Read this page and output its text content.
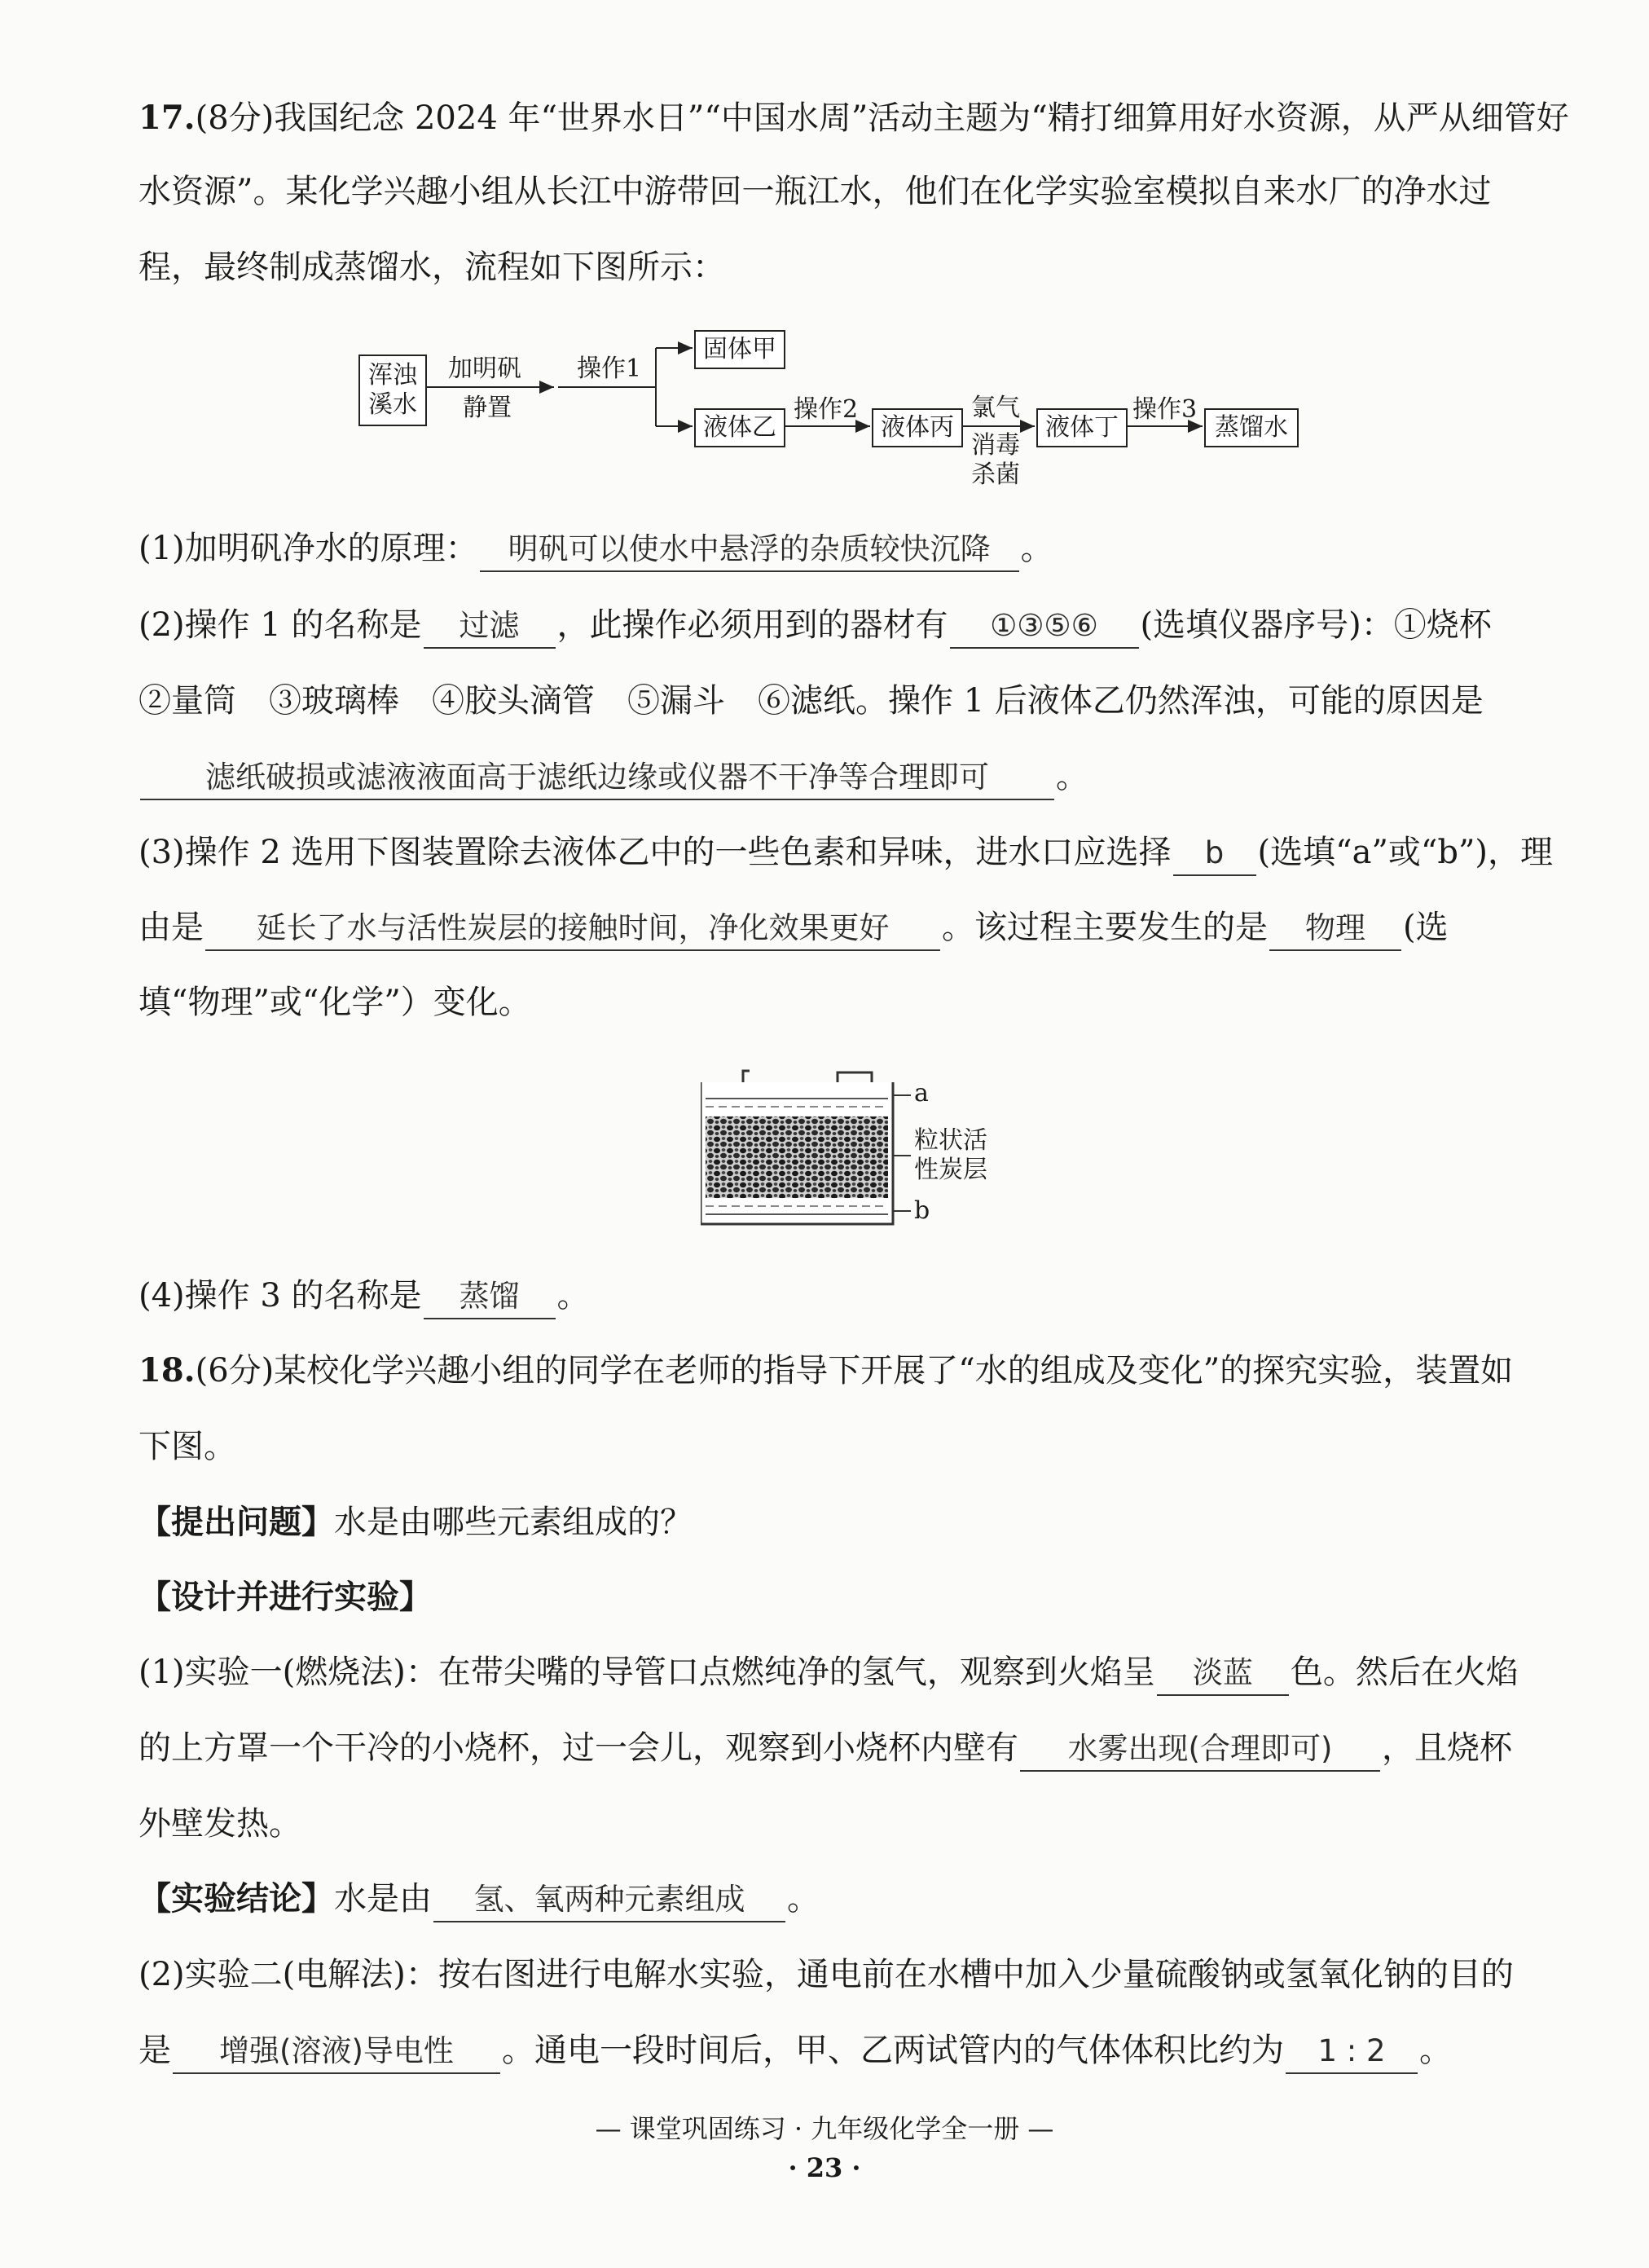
17.(8分)我国纪念 2024 年“世界水日”“中国水周”活动主题为“精打细算用好水资源，从严从细管好
水资源”。某化学兴趣小组从长江中游带回一瓶江水，他们在化学实验室模拟自来水厂的净水过
程，最终制成蒸馏水，流程如下图所示：
浑浊
溪水
加明矾
静置
操作1
固体甲
液体乙
操作2
液体丙
氯气
消毒
杀菌
液体丁
操作3
蒸馏水
(1)加明矾净水的原理： 明矾可以使水中悬浮的杂质较快沉降 。
(2)操作 1 的名称是 过滤 ，此操作必须用到的器材有 ①③⑤⑥ (选填仪器序号)：①烧杯
②量筒　③玻璃棒　④胶头滴管　⑤漏斗　⑥滤纸。操作 1 后液体乙仍然浑浊，可能的原因是
滤纸破损或滤液液面高于滤纸边缘或仪器不干净等合理即可 。
(3)操作 2 选用下图装置除去液体乙中的一些色素和异味，进水口应选择 b (选填“a”或“b”)，理
由是 延长了水与活性炭层的接触时间，净化效果更好 。该过程主要发生的是 物理 (选
填“物理”或“化学”）变化。
a
粒状活
性炭层
b
(4)操作 3 的名称是 蒸馏 。
18.(6分)某校化学兴趣小组的同学在老师的指导下开展了“水的组成及变化”的探究实验，装置如
下图。
【提出问题】水是由哪些元素组成的？
【设计并进行实验】
(1)实验一(燃烧法)：在带尖嘴的导管口点燃纯净的氢气，观察到火焰呈 淡蓝 色。然后在火焰
的上方罩一个干冷的小烧杯，过一会儿，观察到小烧杯内壁有 水雾出现(合理即可) ，且烧杯
外壁发热。
【实验结论】水是由 氢、氧两种元素组成 。
(2)实验二(电解法)：按右图进行电解水实验，通电前在水槽中加入少量硫酸钠或氢氧化钠的目的
是 增强(溶液)导电性 。通电一段时间后，甲、乙两试管内的气体体积比约为 1 : 2 。
— 课堂巩固练习 · 九年级化学全一册 —
· 23 ·
